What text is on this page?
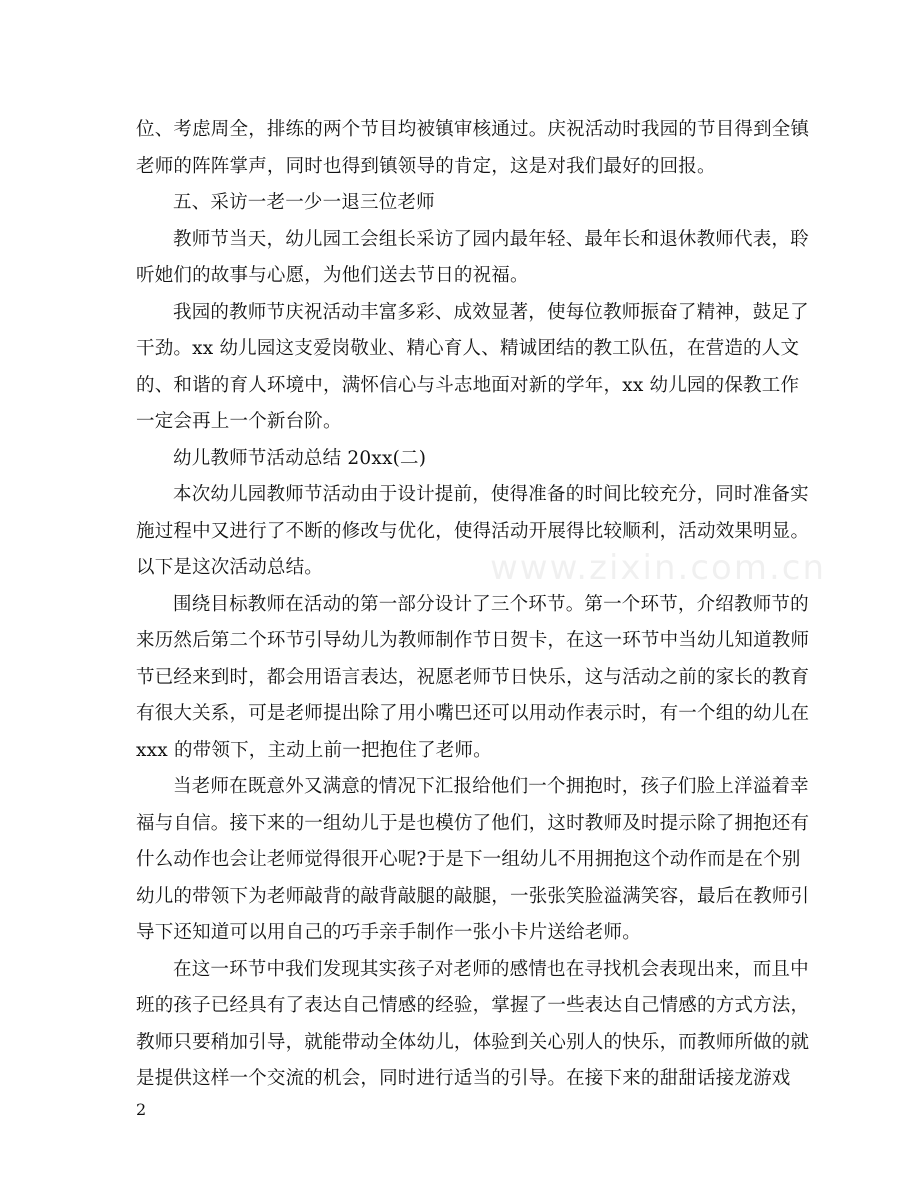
www.zixin.com.cn
位、考虑周全，排练的两个节目均被镇审核通过。庆祝活动时我园的节目得到全镇
老师的阵阵掌声，同时也得到镇领导的肯定，这是对我们最好的回报。
五、采访一老一少一退三位老师
教师节当天，幼儿园工会组长采访了园内最年轻、最年长和退休教师代表，聆
听她们的故事与心愿，为他们送去节日的祝福。
我园的教师节庆祝活动丰富多彩、成效显著，使每位教师振奋了精神，鼓足了
干劲。xx 幼儿园这支爱岗敬业、精心育人、精诚团结的教工队伍，在营造的人文
的、和谐的育人环境中，满怀信心与斗志地面对新的学年，xx 幼儿园的保教工作
一定会再上一个新台阶。
幼儿教师节活动总结 20xx(二)
本次幼儿园教师节活动由于设计提前，使得准备的时间比较充分，同时准备实
施过程中又进行了不断的修改与优化，使得活动开展得比较顺利，活动效果明显。
以下是这次活动总结。
围绕目标教师在活动的第一部分设计了三个环节。第一个环节，介绍教师节的
来历然后第二个环节引导幼儿为教师制作节日贺卡，在这一环节中当幼儿知道教师
节已经来到时，都会用语言表达，祝愿老师节日快乐，这与活动之前的家长的教育
有很大关系，可是老师提出除了用小嘴巴还可以用动作表示时，有一个组的幼儿在
xxx 的带领下，主动上前一把抱住了老师。
当老师在既意外又满意的情况下汇报给他们一个拥抱时，孩子们脸上洋溢着幸
福与自信。接下来的一组幼儿于是也模仿了他们，这时教师及时提示除了拥抱还有
什么动作也会让老师觉得很开心呢?于是下一组幼儿不用拥抱这个动作而是在个别
幼儿的带领下为老师敲背的敲背敲腿的敲腿，一张张笑脸溢满笑容，最后在教师引
导下还知道可以用自己的巧手亲手制作一张小卡片送给老师。
在这一环节中我们发现其实孩子对老师的感情也在寻找机会表现出来，而且中
班的孩子已经具有了表达自己情感的经验，掌握了一些表达自己情感的方式方法，
教师只要稍加引导，就能带动全体幼儿，体验到关心别人的快乐，而教师所做的就
是提供这样一个交流的机会，同时进行适当的引导。在接下来的甜甜话接龙游戏
2
